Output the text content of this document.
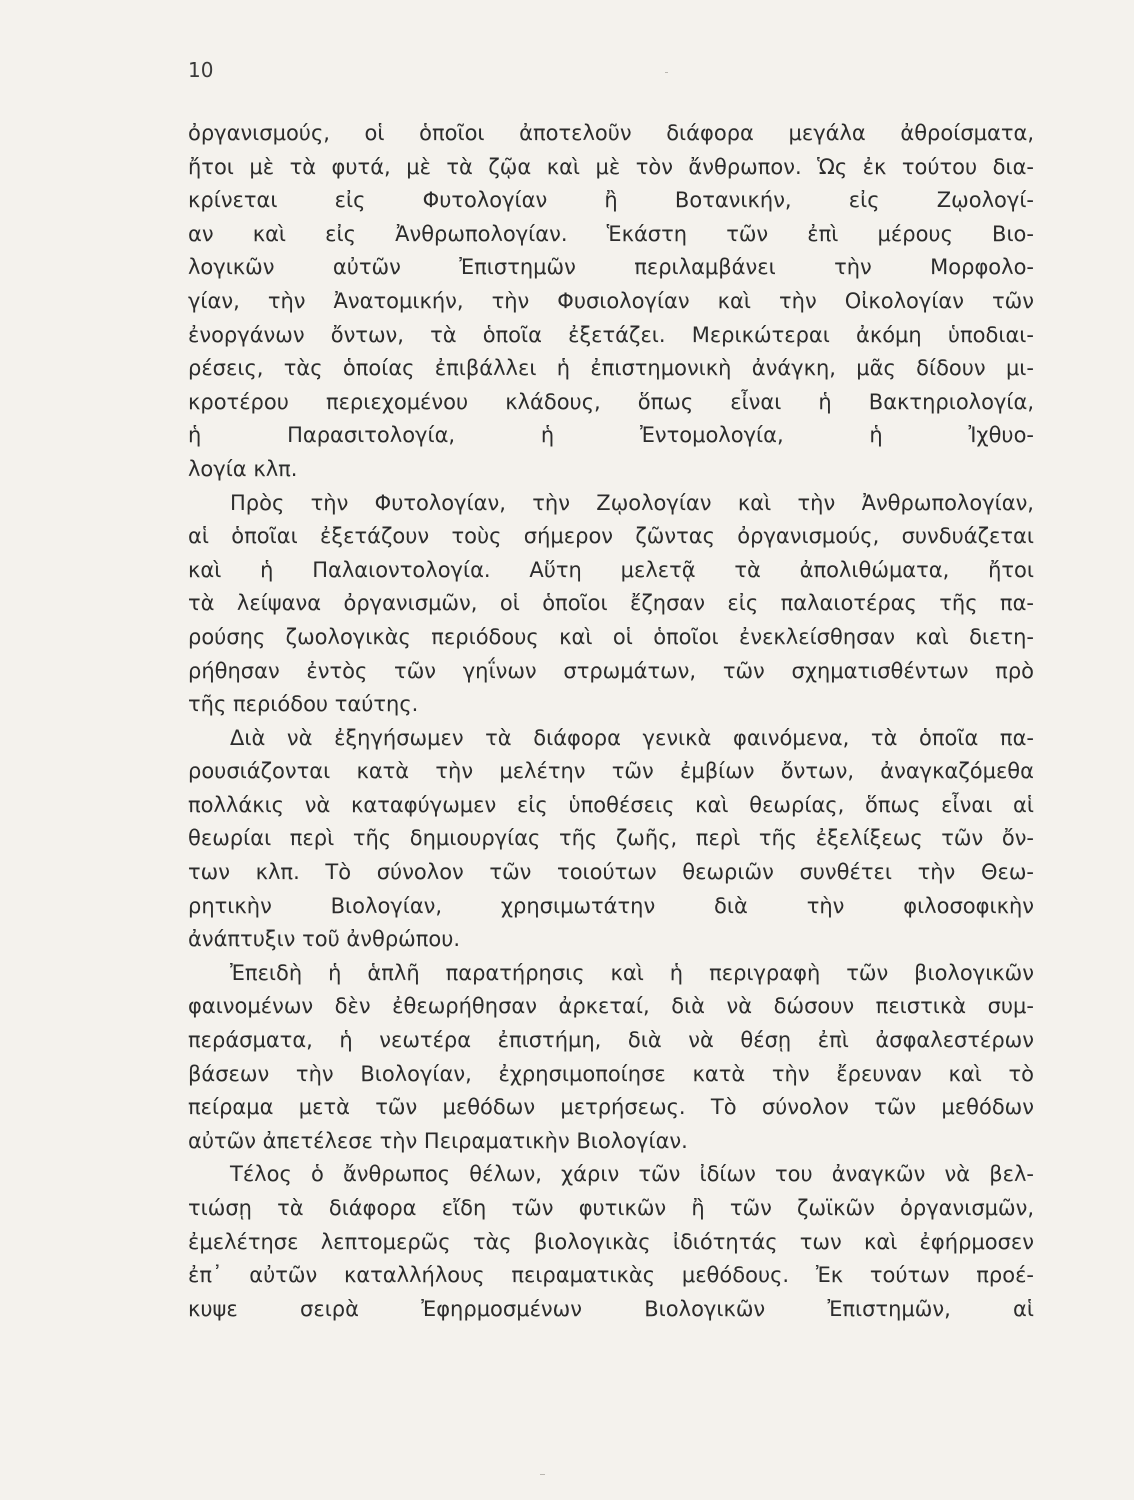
10
ὀργανισμούς, οἱ ὁποῖοι ἀποτελοῦν διάφορα μεγάλα ἀθροίσματα,
ἤτοι μὲ τὰ φυτά, μὲ τὰ ζῷα καὶ μὲ τὸν ἄνθρωπον. Ὡς ἐκ τούτου δια-
κρίνεται εἰς Φυτολογίαν ἢ Βοτανικήν, εἰς Ζῳολογί-
αν καὶ εἰς Ἀνθρωπολογίαν. Ἑκάστη τῶν ἐπὶ μέρους Βιο-
λογικῶν αὐτῶν Ἐπιστημῶν περιλαμβάνει τὴν Μορφολο-
γίαν, τὴν Ἀνατομικήν, τὴν Φυσιολογίαν καὶ τὴν Οἰκολογίαν τῶν
ἐνοργάνων ὄντων, τὰ ὁποῖα ἐξετάζει. Μερικώτεραι ἀκόμη ὑποδιαι-
ρέσεις, τὰς ὁποίας ἐπιβάλλει ἡ ἐπιστημονικὴ ἀνάγκη, μᾶς δίδουν μι-
κροτέρου περιεχομένου κλάδους, ὅπως εἶναι ἡ Βακτηριολογία,
ἡ Παρασιτολογία, ἡ Ἐντομολογία, ἡ Ἰχθυο-
λογία κλπ.
Πρὸς τὴν Φυτολογίαν, τὴν Ζῳολογίαν καὶ τὴν Ἀνθρωπολογίαν,
αἱ ὁποῖαι ἐξετάζουν τοὺς σήμερον ζῶντας ὀργανισμούς, συνδυάζεται
καὶ ἡ Παλαιοντολογία. Αὕτη μελετᾷ τὰ ἀπολιθώματα, ἤτοι
τὰ λείψανα ὀργανισμῶν, οἱ ὁποῖοι ἔζησαν εἰς παλαιοτέρας τῆς πα-
ρούσης ζωολογικὰς περιόδους καὶ οἱ ὁποῖοι ἐνεκλείσθησαν καὶ διετη-
ρήθησαν ἐντὸς τῶν γηΐνων στρωμάτων, τῶν σχηματισθέντων πρὸ
τῆς περιόδου ταύτης.
Διὰ νὰ ἐξηγήσωμεν τὰ διάφορα γενικὰ φαινόμενα, τὰ ὁποῖα πα-
ρουσιάζονται κατὰ τὴν μελέτην τῶν ἐμβίων ὄντων, ἀναγκαζόμεθα
πολλάκις νὰ καταφύγωμεν εἰς ὑποθέσεις καὶ θεωρίας, ὅπως εἶναι αἱ
θεωρίαι περὶ τῆς δημιουργίας τῆς ζωῆς, περὶ τῆς ἐξελίξεως τῶν ὄν-
των κλπ. Τὸ σύνολον τῶν τοιούτων θεωριῶν συνθέτει τὴν Θεω-
ρητικὴν Βιολογίαν, χρησιμωτάτην διὰ τὴν φιλοσοφικὴν
ἀνάπτυξιν τοῦ ἀνθρώπου.
Ἐπειδὴ ἡ ἁπλῆ παρατήρησις καὶ ἡ περιγραφὴ τῶν βιολογικῶν
φαινομένων δὲν ἐθεωρήθησαν ἀρκεταί, διὰ νὰ δώσουν πειστικὰ συμ-
περάσματα, ἡ νεωτέρα ἐπιστήμη, διὰ νὰ θέσῃ ἐπὶ ἀσφαλεστέρων
βάσεων τὴν Βιολογίαν, ἐχρησιμοποίησε κατὰ τὴν ἔρευναν καὶ τὸ
πείραμα μετὰ τῶν μεθόδων μετρήσεως. Τὸ σύνολον τῶν μεθόδων
αὐτῶν ἀπετέλεσε τὴν Πειραματικὴν Βιολογίαν.
Τέλος ὁ ἄνθρωπος θέλων, χάριν τῶν ἰδίων του ἀναγκῶν νὰ βελ-
τιώσῃ τὰ διάφορα εἴδη τῶν φυτικῶν ἢ τῶν ζωϊκῶν ὀργανισμῶν,
ἐμελέτησε λεπτομερῶς τὰς βιολογικὰς ἰδιότητάς των καὶ ἐφήρμοσεν
ἐπ᾿ αὐτῶν καταλλήλους πειραματικὰς μεθόδους. Ἐκ τούτων προέ-
κυψε σειρὰ Ἐφηρμοσμένων Βιολογικῶν Ἐπιστημῶν, αἱ
